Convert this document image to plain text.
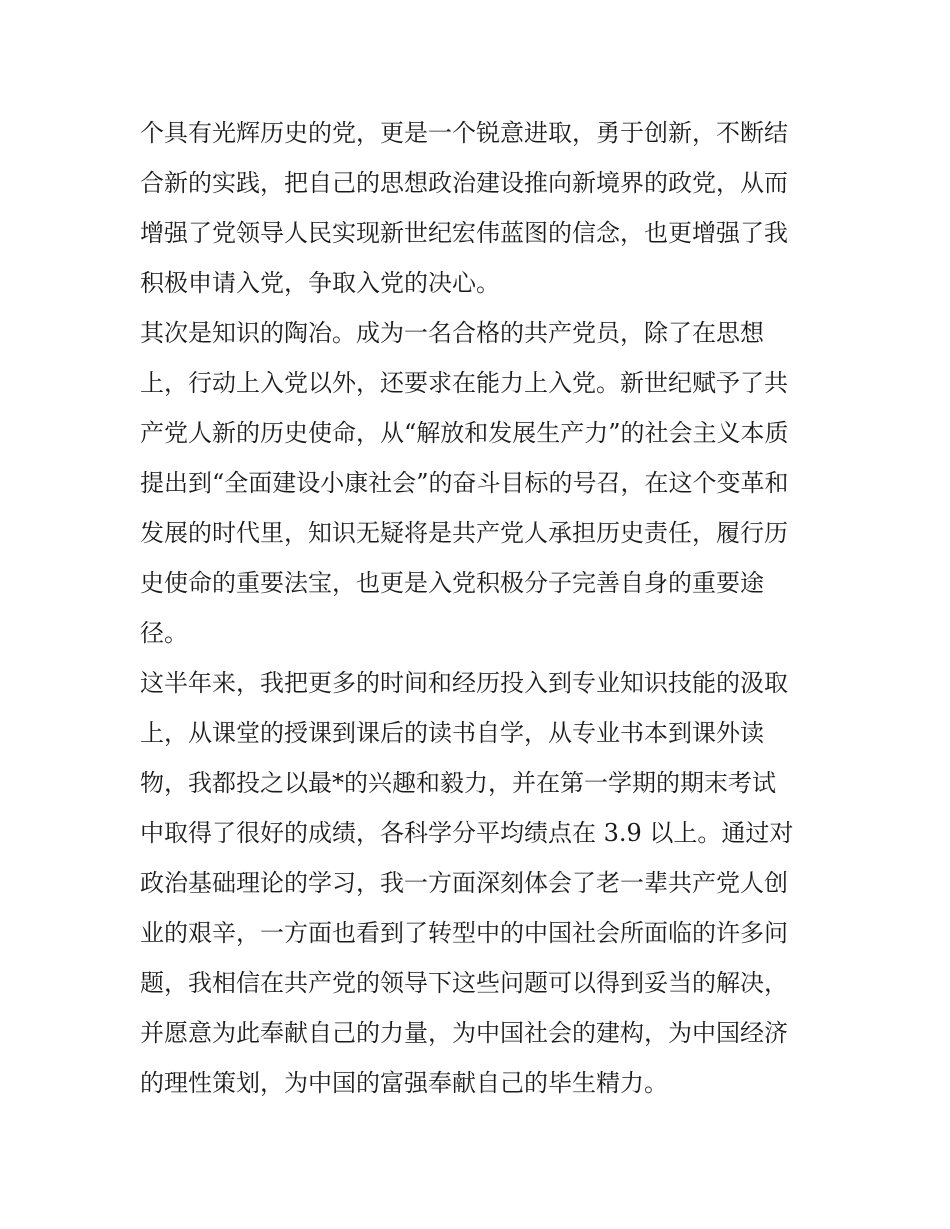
个具有光辉历史的党，更是一个锐意进取，勇于创新，不断结
合新的实践，把自己的思想政治建设推向新境界的政党，从而
增强了党领导人民实现新世纪宏伟蓝图的信念，也更增强了我
积极申请入党，争取入党的决心。
其次是知识的陶冶。成为一名合格的共产党员，除了在思想
上，行动上入党以外，还要求在能力上入党。新世纪赋予了共
产党人新的历史使命，从“解放和发展生产力”的社会主义本质
提出到“全面建设小康社会”的奋斗目标的号召，在这个变革和
发展的时代里，知识无疑将是共产党人承担历史责任，履行历
史使命的重要法宝，也更是入党积极分子完善自身的重要途
径。
这半年来，我把更多的时间和经历投入到专业知识技能的汲取
上，从课堂的授课到课后的读书自学，从专业书本到课外读
物，我都投之以最*的兴趣和毅力，并在第一学期的期末考试
中取得了很好的成绩，各科学分平均绩点在 3.9 以上。通过对
政治基础理论的学习，我一方面深刻体会了老一辈共产党人创
业的艰辛，一方面也看到了转型中的中国社会所面临的许多问
题，我相信在共产党的领导下这些问题可以得到妥当的解决，
并愿意为此奉献自己的力量，为中国社会的建构，为中国经济
的理性策划，为中国的富强奉献自己的毕生精力。
